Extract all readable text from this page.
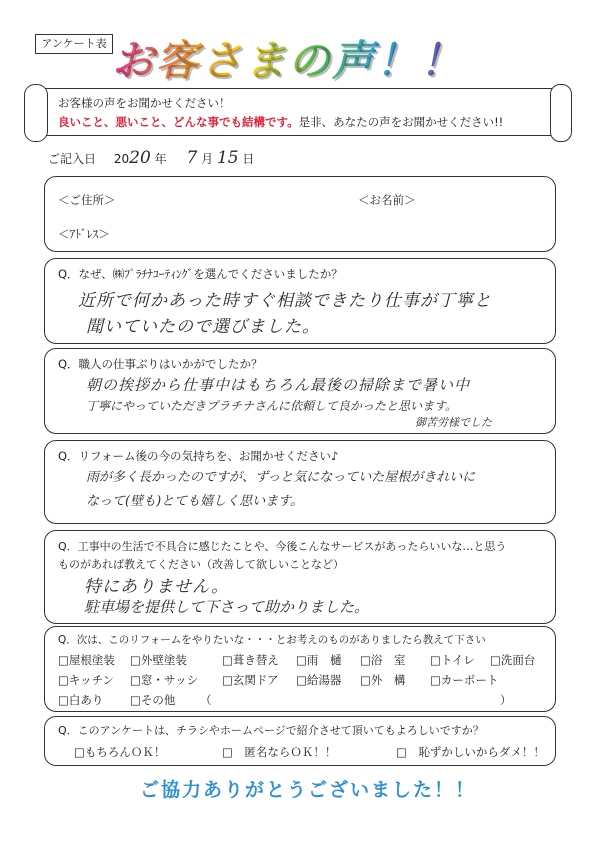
アンケート表 お客さまの声！！
お客様の声をお聞かせください！
良いこと、悪いこと、どんな事でも結構です。是非、あなたの声をお聞かせください!!
ご記入日 2020 年 7 月 15 日
＜ご住所＞	＜お名前＞
＜ｱﾄﾞﾚｽ＞
Q．なぜ、㈱ﾌﾟﾗﾁﾅｺｰﾃｨﾝｸﾞを選んでくださいましたか？
近所で何かあった時すぐ相談できたり仕事が丁寧と
聞いていたので選びました。
Q．職人の仕事ぶりはいかがでしたか？
朝の挨拶から仕事中はもちろん最後の掃除まで暑い中
丁寧にやっていただきプラチナさんに依頼して良かったと思います。
御苦労様でした
Q．リフォーム後の今の気持ちを、お聞かせください♪
雨が多く長かったのですが、ずっと気になっていた屋根がきれいに
なって(壁も)とても嬉しく思います。
Q．工事中の生活で不具合に感じたことや、今後こんなサービスがあったらいいな…と思う
ものがあれば教えてください（改善して欲しいことなど）
特にありません。
駐車場を提供して下さって助かりました。
Q．次は、このリフォームをやりたいな・・・とお考えのものがありましたら教えて下さい
□屋根塗装 □外壁塗装	□葺き替え □雨　樋 □浴　室 □トイレ □洗面台
□キッチン □窓・サッシ □玄関ドア □給湯器 □外　構 □カーポート
□白あり □その他 （	）
Q．このアンケートは、チラシやホームページで紹介させて頂いてもよろしいですか？
□もちろんＯＫ！	□　匿名ならＯＫ！！	□　恥ずかしいからダメ！！
ご協力ありがとうございました！！
